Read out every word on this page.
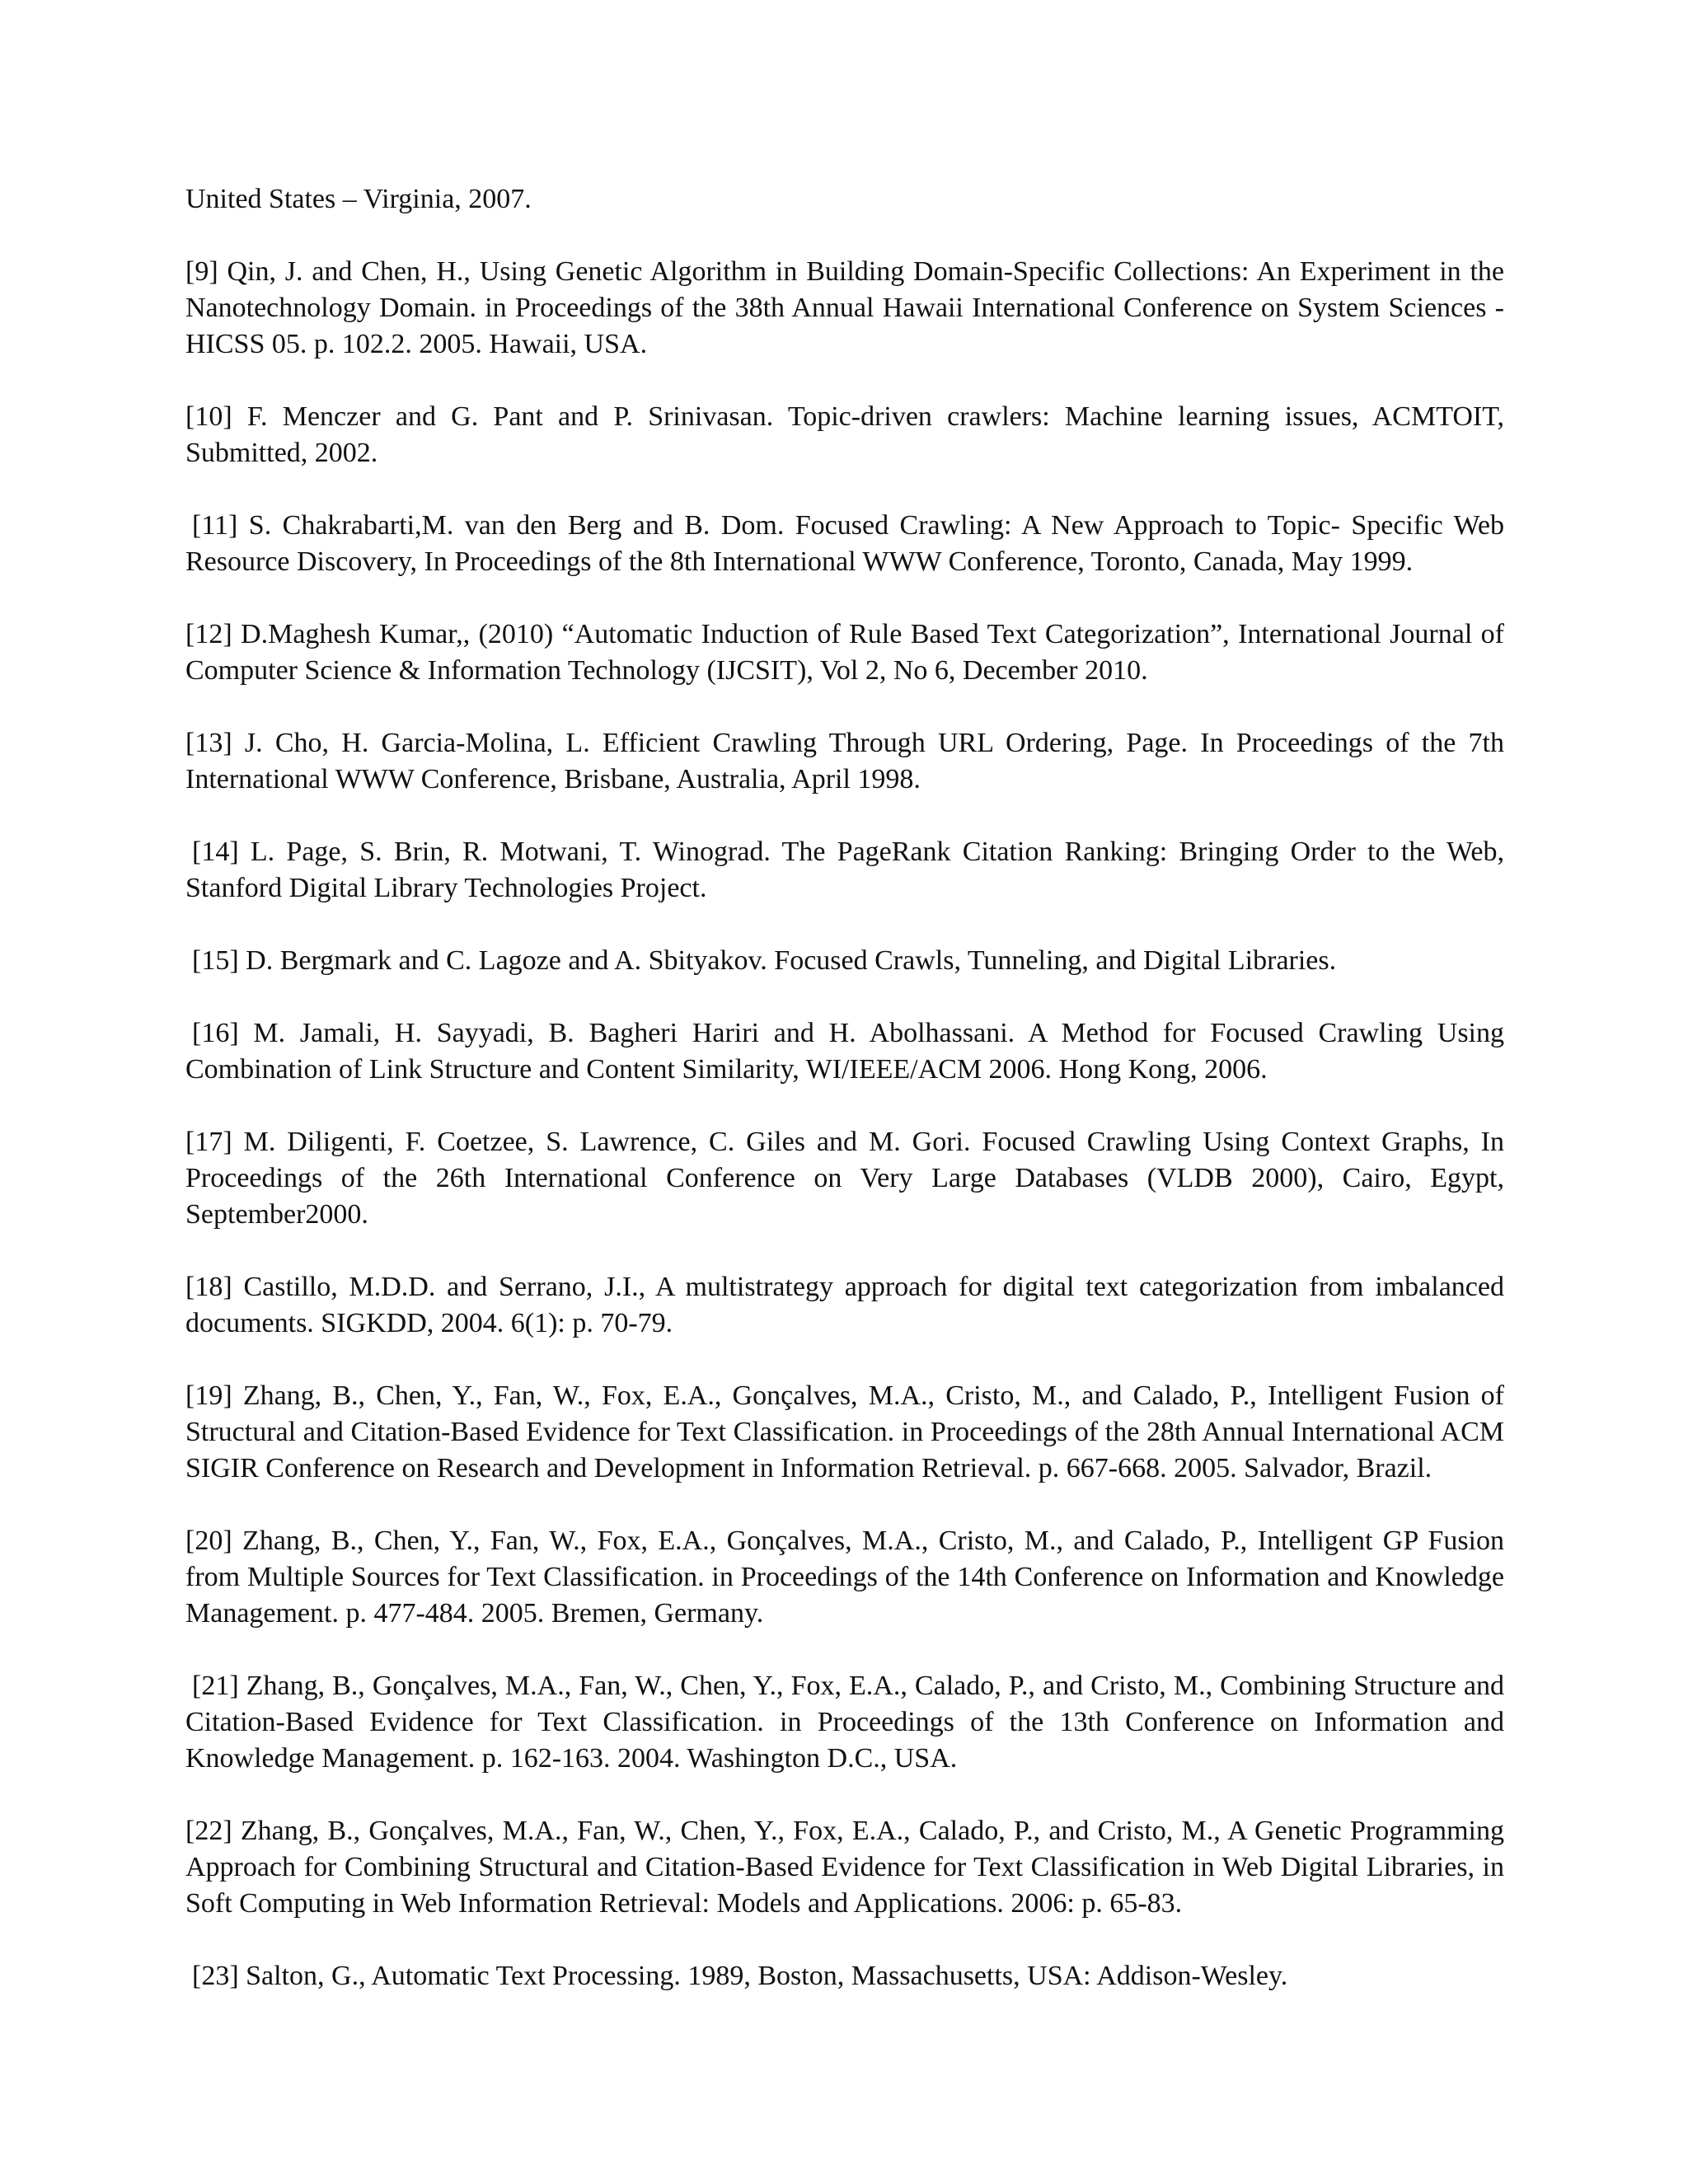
United States – Virginia, 2007.

[9] Qin, J. and Chen, H., Using Genetic Algorithm in Building Domain-Specific Collections: An Experiment in the Nanotechnology Domain. in Proceedings of the 38th Annual Hawaii International Conference on System Sciences - HICSS 05. p. 102.2. 2005. Hawaii, USA.

[10] F. Menczer and G. Pant and P. Srinivasan. Topic-driven crawlers: Machine learning issues, ACMTOIT, Submitted, 2002.

[11] S. Chakrabarti,M. van den Berg and B. Dom. Focused Crawling: A New Approach to Topic- Specific Web Resource Discovery, In Proceedings of the 8th International WWW Conference, Toronto, Canada, May 1999.

[12] D.Maghesh Kumar,, (2010) “Automatic Induction of Rule Based Text Categorization”, International Journal of Computer Science & Information Technology (IJCSIT), Vol 2, No 6, December 2010.

[13] J. Cho, H. Garcia-Molina, L. Efficient Crawling Through URL Ordering, Page. In Proceedings of the 7th International WWW Conference, Brisbane, Australia, April 1998.

[14] L. Page, S. Brin, R. Motwani, T. Winograd. The PageRank Citation Ranking: Bringing Order to the Web, Stanford Digital Library Technologies Project.

[15] D. Bergmark and C. Lagoze and A. Sbityakov. Focused Crawls, Tunneling, and Digital Libraries.

[16] M. Jamali, H. Sayyadi, B. Bagheri Hariri and H. Abolhassani. A Method for Focused Crawling Using Combination of Link Structure and Content Similarity, WI/IEEE/ACM 2006. Hong Kong, 2006.

[17] M. Diligenti, F. Coetzee, S. Lawrence, C. Giles and M. Gori. Focused Crawling Using Context Graphs, In Proceedings of the 26th International Conference on Very Large Databases (VLDB 2000), Cairo, Egypt, September2000.

[18] Castillo, M.D.D. and Serrano, J.I., A multistrategy approach for digital text categorization from imbalanced documents. SIGKDD, 2004. 6(1): p. 70-79.

[19] Zhang, B., Chen, Y., Fan, W., Fox, E.A., Gonçalves, M.A., Cristo, M., and Calado, P., Intelligent Fusion of Structural and Citation-Based Evidence for Text Classification. in Proceedings of the 28th Annual International ACM SIGIR Conference on Research and Development in Information Retrieval. p. 667-668. 2005. Salvador, Brazil.

[20] Zhang, B., Chen, Y., Fan, W., Fox, E.A., Gonçalves, M.A., Cristo, M., and Calado, P., Intelligent GP Fusion from Multiple Sources for Text Classification. in Proceedings of the 14th Conference on Information and Knowledge Management. p. 477-484. 2005. Bremen, Germany.

[21] Zhang, B., Gonçalves, M.A., Fan, W., Chen, Y., Fox, E.A., Calado, P., and Cristo, M., Combining Structure and Citation-Based Evidence for Text Classification. in Proceedings of the 13th Conference on Information and Knowledge Management. p. 162-163. 2004. Washington D.C., USA.

[22] Zhang, B., Gonçalves, M.A., Fan, W., Chen, Y., Fox, E.A., Calado, P., and Cristo, M., A Genetic Programming Approach for Combining Structural and Citation-Based Evidence for Text Classification in Web Digital Libraries, in Soft Computing in Web Information Retrieval: Models and Applications. 2006: p. 65-83.

[23] Salton, G., Automatic Text Processing. 1989, Boston, Massachusetts, USA: Addison-Wesley.
